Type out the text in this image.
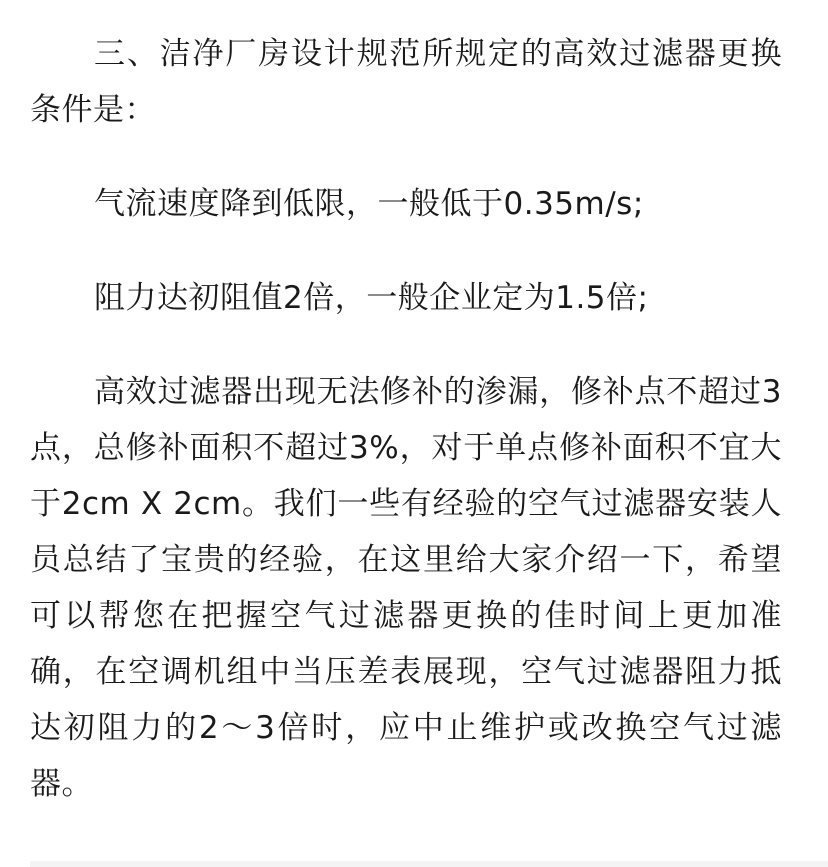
三、洁净厂房设计规范所规定的高效过滤器更换条件是：

气流速度降到低限，一般低于0.35m/s;

阻力达初阻值2倍，一般企业定为1.5倍;

高效过滤器出现无法修补的渗漏，修补点不超过3点，总修补面积不超过3%，对于单点修补面积不宜大于2cm X 2cm。我们一些有经验的空气过滤器安装人员总结了宝贵的经验，在这里给大家介绍一下，希望可以帮您在把握空气过滤器更换的佳时间上更加准确，在空调机组中当压差表展现，空气过滤器阻力抵达初阻力的2～3倍时，应中止维护或改换空气过滤器。
